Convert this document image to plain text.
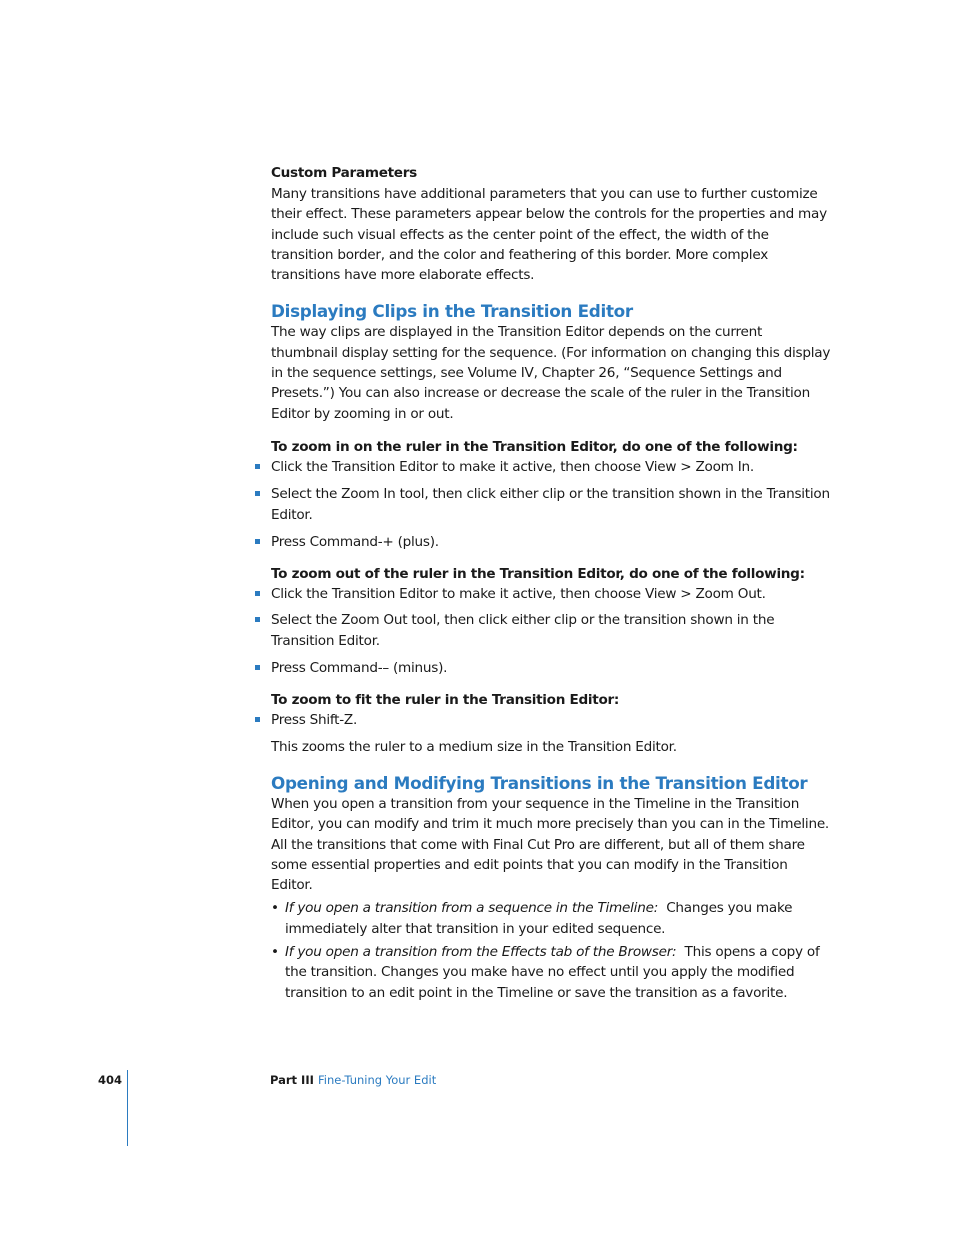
Custom Parameters

Many transitions have additional parameters that you can use to further customize their effect. These parameters appear below the controls for the properties and may include such visual effects as the center point of the effect, the width of the transition border, and the color and feathering of this border. More complex transitions have more elaborate effects.

Displaying Clips in the Transition Editor

The way clips are displayed in the Transition Editor depends on the current thumbnail display setting for the sequence. (For information on changing this display in the sequence settings, see Volume IV, Chapter 26, “Sequence Settings and Presets.”) You can also increase or decrease the scale of the ruler in the Transition Editor by zooming in or out.

To zoom in on the ruler in the Transition Editor, do one of the following:

Click the Transition Editor to make it active, then choose View > Zoom In.
Select the Zoom In tool, then click either clip or the transition shown in the Transition Editor.
Press Command-+ (plus).

To zoom out of the ruler in the Transition Editor, do one of the following:

Click the Transition Editor to make it active, then choose View > Zoom Out.
Select the Zoom Out tool, then click either clip or the transition shown in the Transition Editor.
Press Command-– (minus).

To zoom to fit the ruler in the Transition Editor:

Press Shift-Z.

This zooms the ruler to a medium size in the Transition Editor.

Opening and Modifying Transitions in the Transition Editor

When you open a transition from your sequence in the Timeline in the Transition Editor, you can modify and trim it much more precisely than you can in the Timeline. All the transitions that come with Final Cut Pro are different, but all of them share some essential properties and edit points that you can modify in the Transition Editor.

• If you open a transition from a sequence in the Timeline: Changes you make immediately alter that transition in your edited sequence.
• If you open a transition from the Effects tab of the Browser: This opens a copy of the transition. Changes you make have no effect until you apply the modified transition to an edit point in the Timeline or save the transition as a favorite.
404	Part III Fine-Tuning Your Edit
